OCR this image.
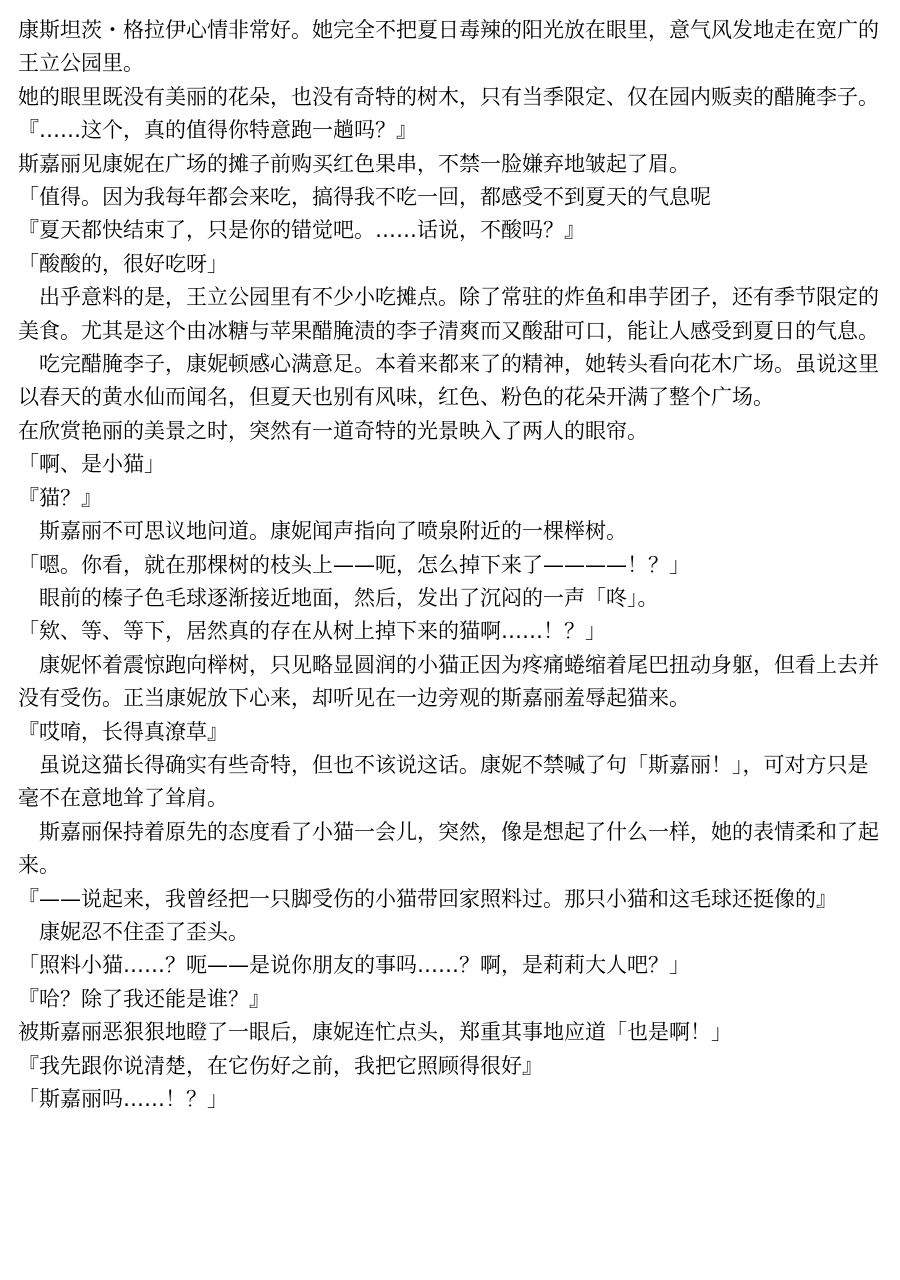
康斯坦茨・格拉伊心情非常好。她完全不把夏日毒辣的阳光放在眼里，意气风发地走在宽广的王立公园里。

她的眼里既没有美丽的花朵，也没有奇特的树木，只有当季限定、仅在园内贩卖的醋腌李子。

『……这个，真的值得你特意跑一趟吗？』

斯嘉丽见康妮在广场的摊子前购买红色果串，不禁一脸嫌弃地皱起了眉。

「值得。因为我每年都会来吃，搞得我不吃一回，都感受不到夏天的气息呢

『夏天都快结束了，只是你的错觉吧。……话说，不酸吗？』

「酸酸的，很好吃呀」

　出乎意料的是，王立公园里有不少小吃摊点。除了常驻的炸鱼和串芋团子，还有季节限定的美食。尤其是这个由冰糖与苹果醋腌渍的李子清爽而又酸甜可口，能让人感受到夏日的气息。

　吃完醋腌李子，康妮顿感心满意足。本着来都来了的精神，她转头看向花木广场。虽说这里以春天的黄水仙而闻名，但夏天也别有风味，红色、粉色的花朵开满了整个广场。

在欣赏艳丽的美景之时，突然有一道奇特的光景映入了两人的眼帘。

「啊、是小猫」

『猫？』

　斯嘉丽不可思议地问道。康妮闻声指向了喷泉附近的一棵榉树。

「嗯。你看，就在那棵树的枝头上——呃，怎么掉下来了————！？」

　眼前的榛子色毛球逐渐接近地面，然后，发出了沉闷的一声「咚」。

「欸、等、等下，居然真的存在从树上掉下来的猫啊……！？」

　康妮怀着震惊跑向榉树，只见略显圆润的小猫正因为疼痛蜷缩着尾巴扭动身躯，但看上去并没有受伤。正当康妮放下心来，却听见在一边旁观的斯嘉丽羞辱起猫来。

『哎唷，长得真潦草』

　虽说这猫长得确实有些奇特，但也不该说这话。康妮不禁喊了句「斯嘉丽！」，可对方只是毫不在意地耸了耸肩。

　斯嘉丽保持着原先的态度看了小猫一会儿，突然，像是想起了什么一样，她的表情柔和了起来。

『——说起来，我曾经把一只脚受伤的小猫带回家照料过。那只小猫和这毛球还挺像的』

　康妮忍不住歪了歪头。

「照料小猫……？呃——是说你朋友的事吗……？啊，是莉莉大人吧？」

『哈？除了我还能是谁？』

被斯嘉丽恶狠狠地瞪了一眼后，康妮连忙点头，郑重其事地应道「也是啊！」

『我先跟你说清楚，在它伤好之前，我把它照顾得很好』

「斯嘉丽吗……！？」
